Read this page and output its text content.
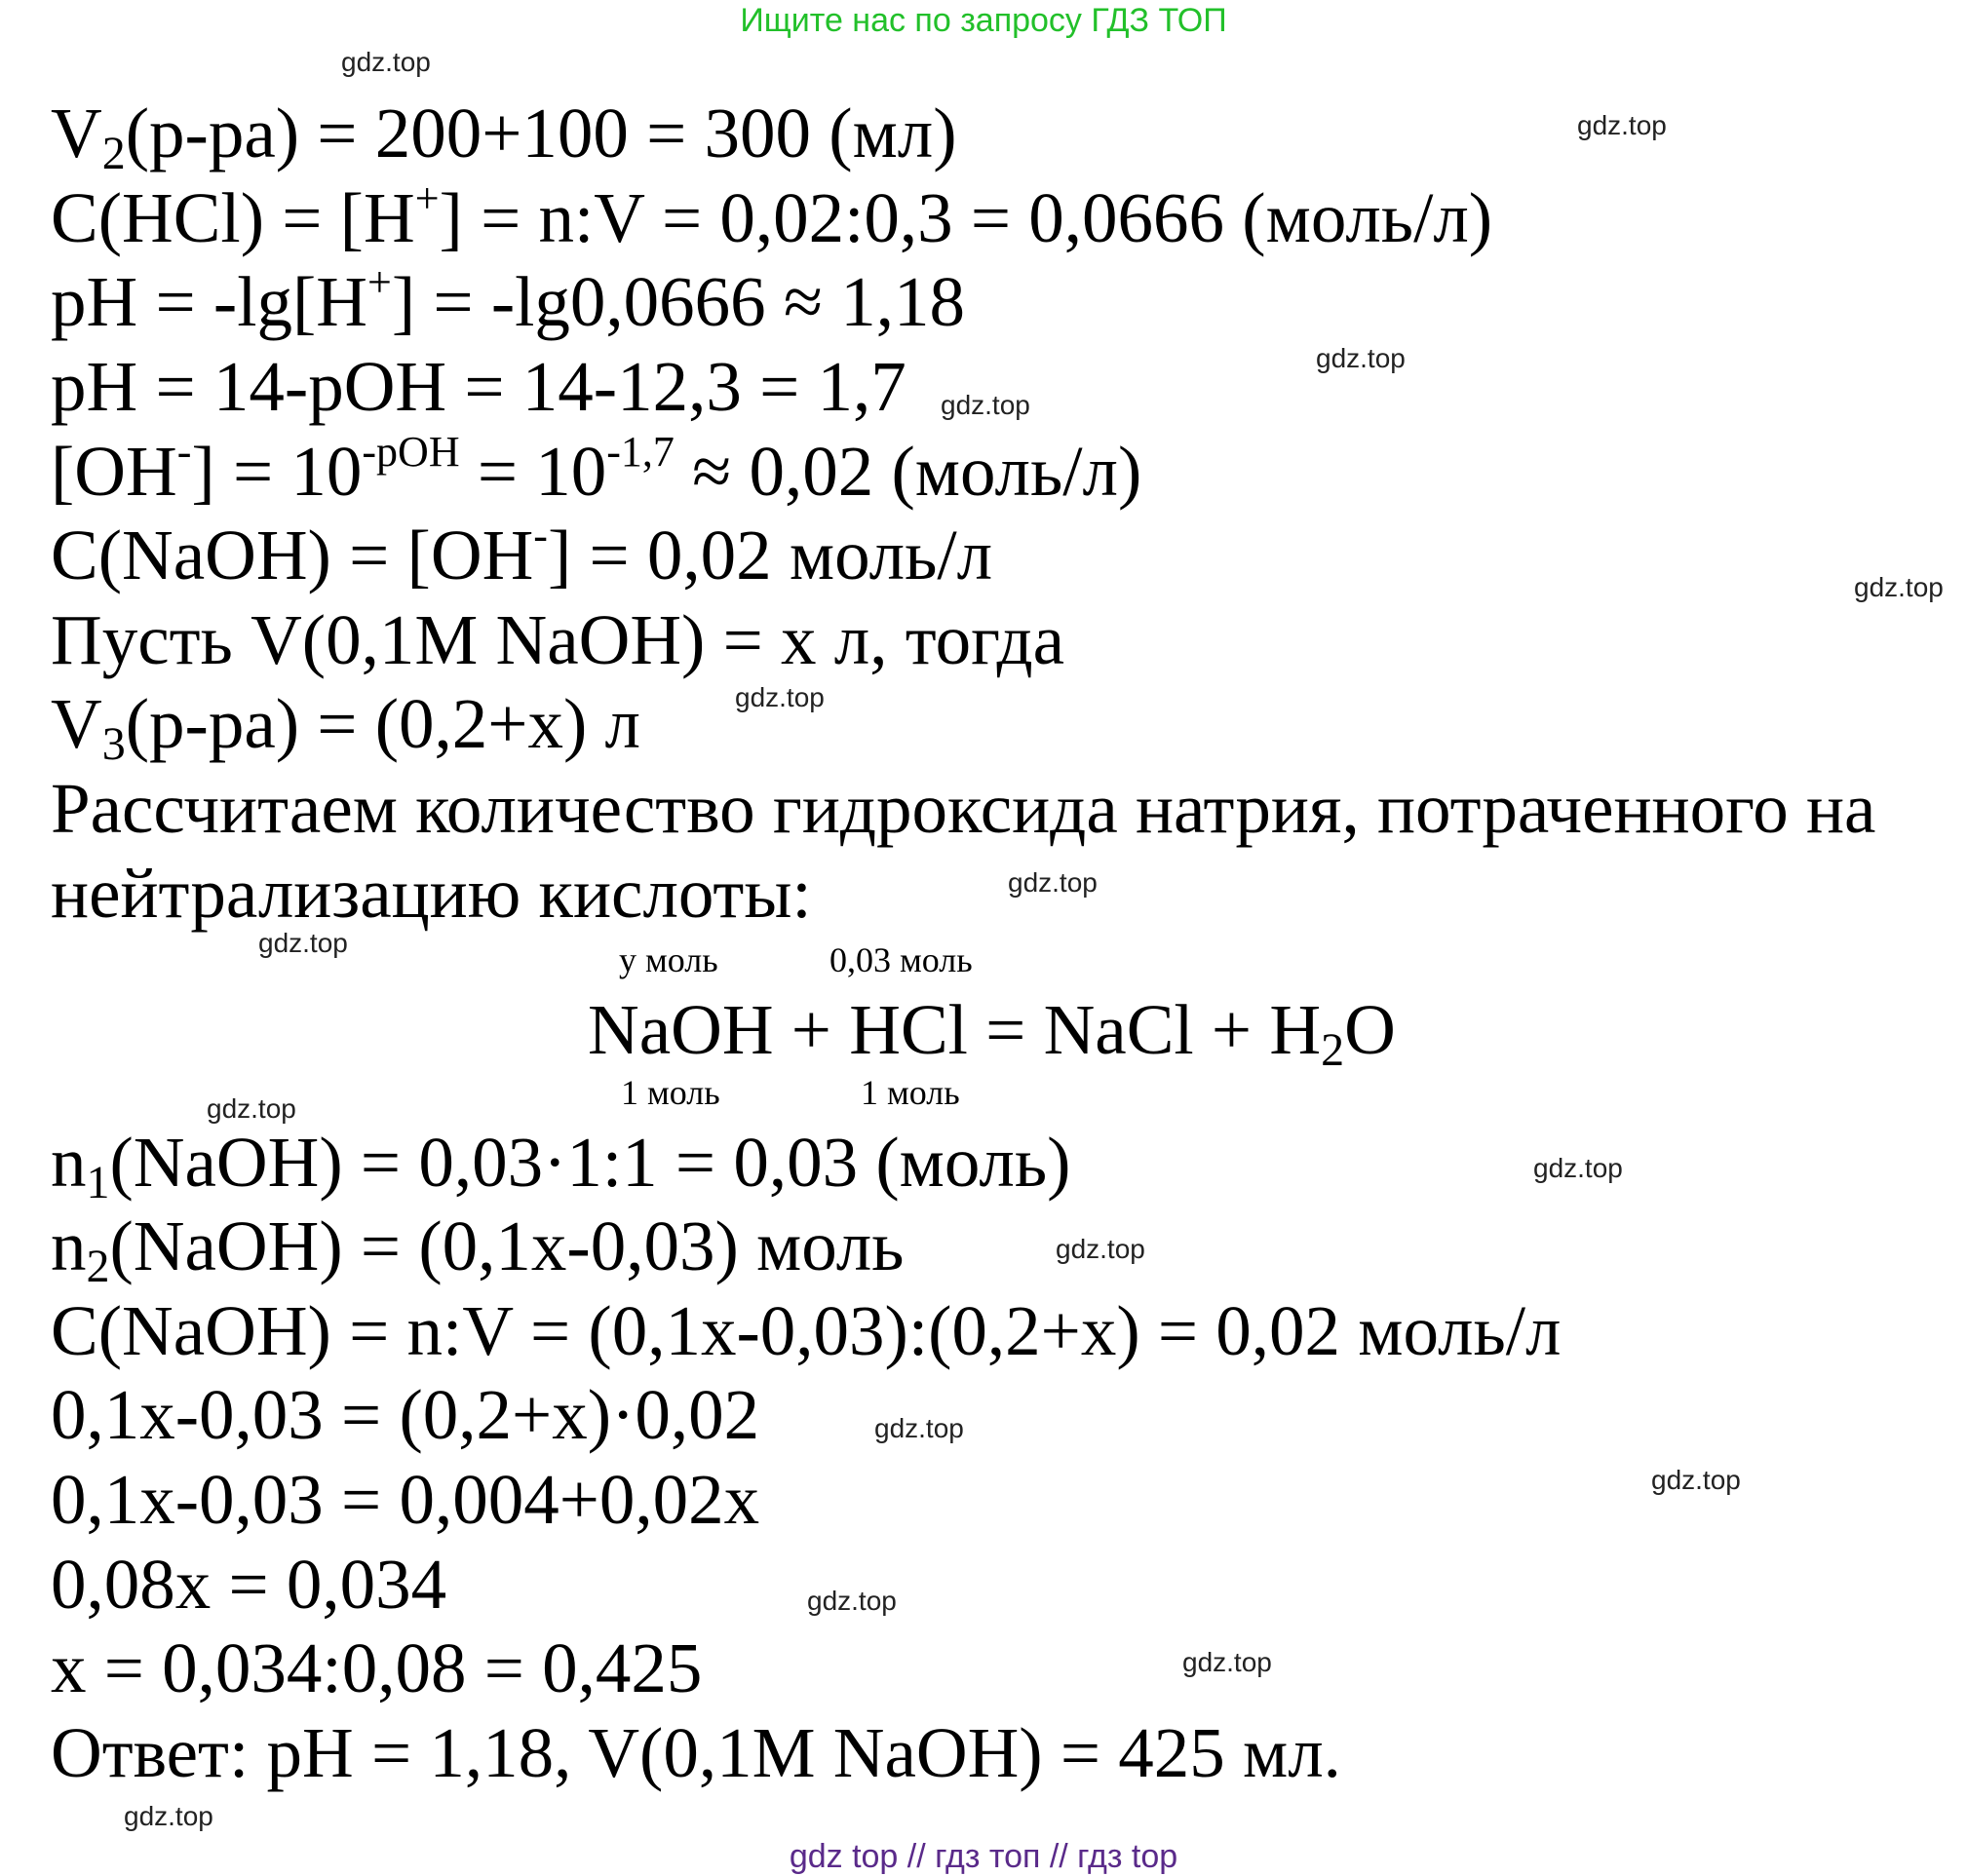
Ищите нас по запросу ГДЗ ТОП
gdz.top
gdz.top
gdz.top
gdz.top
gdz.top
gdz.top
gdz.top
gdz.top
gdz.top
gdz.top
gdz.top
gdz.top
gdz.top
gdz.top
gdz.top
gdz.top
$V_2(р-ра) = 200+100 = 300$ (мл)
C(HCl) = [H+] = n:V = 0,02:0,3 = 0,0666 (моль/л)
pH = -lg[H+] = -lg0,0666 ≈ 1,18
pH = 14-pOH = 14-12,3 = 1,7
$[OH^-] = 10^{-pOH} = 10^{-1,7} \approx 0,02$ (моль/л)
C(NaOH) = [OH-] = 0,02 моль/л
Пусть V(0,1M NaOH) = x л, тогда
$V_3(р-ра) = (0,2+x)$ л
Рассчитаем количество гидроксида натрия, потраченного на
нейтрализацию кислоты:
y моль	0,03 моль
NaOH + HCl = NaCl + $H_2O$
1 моль	1 моль
$n_1(NaOH)$ = 0,03·1:1 = 0,03 (моль)
$n_2(NaOH) = (0,1x-0,03)$ моль
C(NaOH) = n:V = (0,1x-0,03):(0,2+x) = 0,02 моль/л
0,1x-0,03 = (0,2+x)·0,02
0,1x-0,03 = 0,004+0,02x
0,08x = 0,034
x = 0,034:0,08 = 0,425
Ответ: pH = 1,18, V(0,1M NaOH) = 425 мл.
gdz top // гдз топ // гдз top
